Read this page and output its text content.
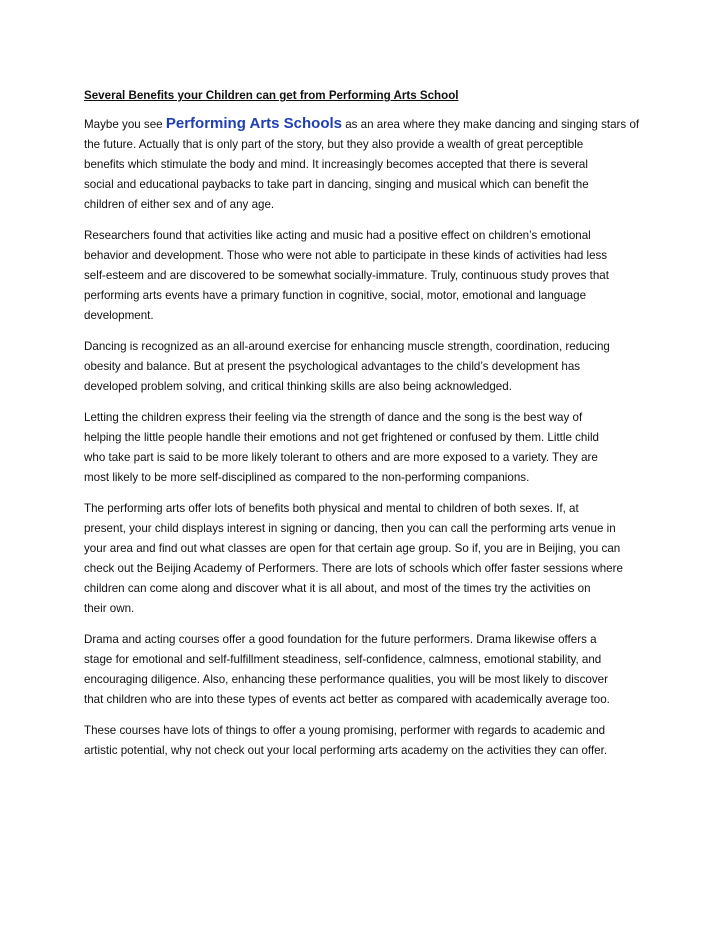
Several Benefits your Children can get from Performing Arts School

Maybe you see Performing Arts Schools as an area where they make dancing and singing stars of
the future. Actually that is only part of the story, but they also provide a wealth of great perceptible
benefits which stimulate the body and mind. It increasingly becomes accepted that there is several
social and educational paybacks to take part in dancing, singing and musical which can benefit the
children of either sex and of any age.

Researchers found that activities like acting and music had a positive effect on children’s emotional
behavior and development. Those who were not able to participate in these kinds of activities had less
self-esteem and are discovered to be somewhat socially-immature. Truly, continuous study proves that
performing arts events have a primary function in cognitive, social, motor, emotional and language
development.

Dancing is recognized as an all-around exercise for enhancing muscle strength, coordination, reducing
obesity and balance. But at present the psychological advantages to the child’s development has
developed problem solving, and critical thinking skills are also being acknowledged.

Letting the children express their feeling via the strength of dance and the song is the best way of
helping the little people handle their emotions and not get frightened or confused by them. Little child
who take part is said to be more likely tolerant to others and are more exposed to a variety. They are
most likely to be more self-disciplined as compared to the non-performing companions.

The performing arts offer lots of benefits both physical and mental to children of both sexes. If, at
present, your child displays interest in signing or dancing, then you can call the performing arts venue in
your area and find out what classes are open for that certain age group. So if, you are in Beijing, you can
check out the Beijing Academy of Performers. There are lots of schools which offer faster sessions where
children can come along and discover what it is all about, and most of the times try the activities on
their own.

Drama and acting courses offer a good foundation for the future performers. Drama likewise offers a
stage for emotional and self-fulfillment steadiness, self-confidence, calmness, emotional stability, and
encouraging diligence. Also, enhancing these performance qualities, you will be most likely to discover
that children who are into these types of events act better as compared with academically average too.

These courses have lots of things to offer a young promising, performer with regards to academic and
artistic potential, why not check out your local performing arts academy on the activities they can offer.
